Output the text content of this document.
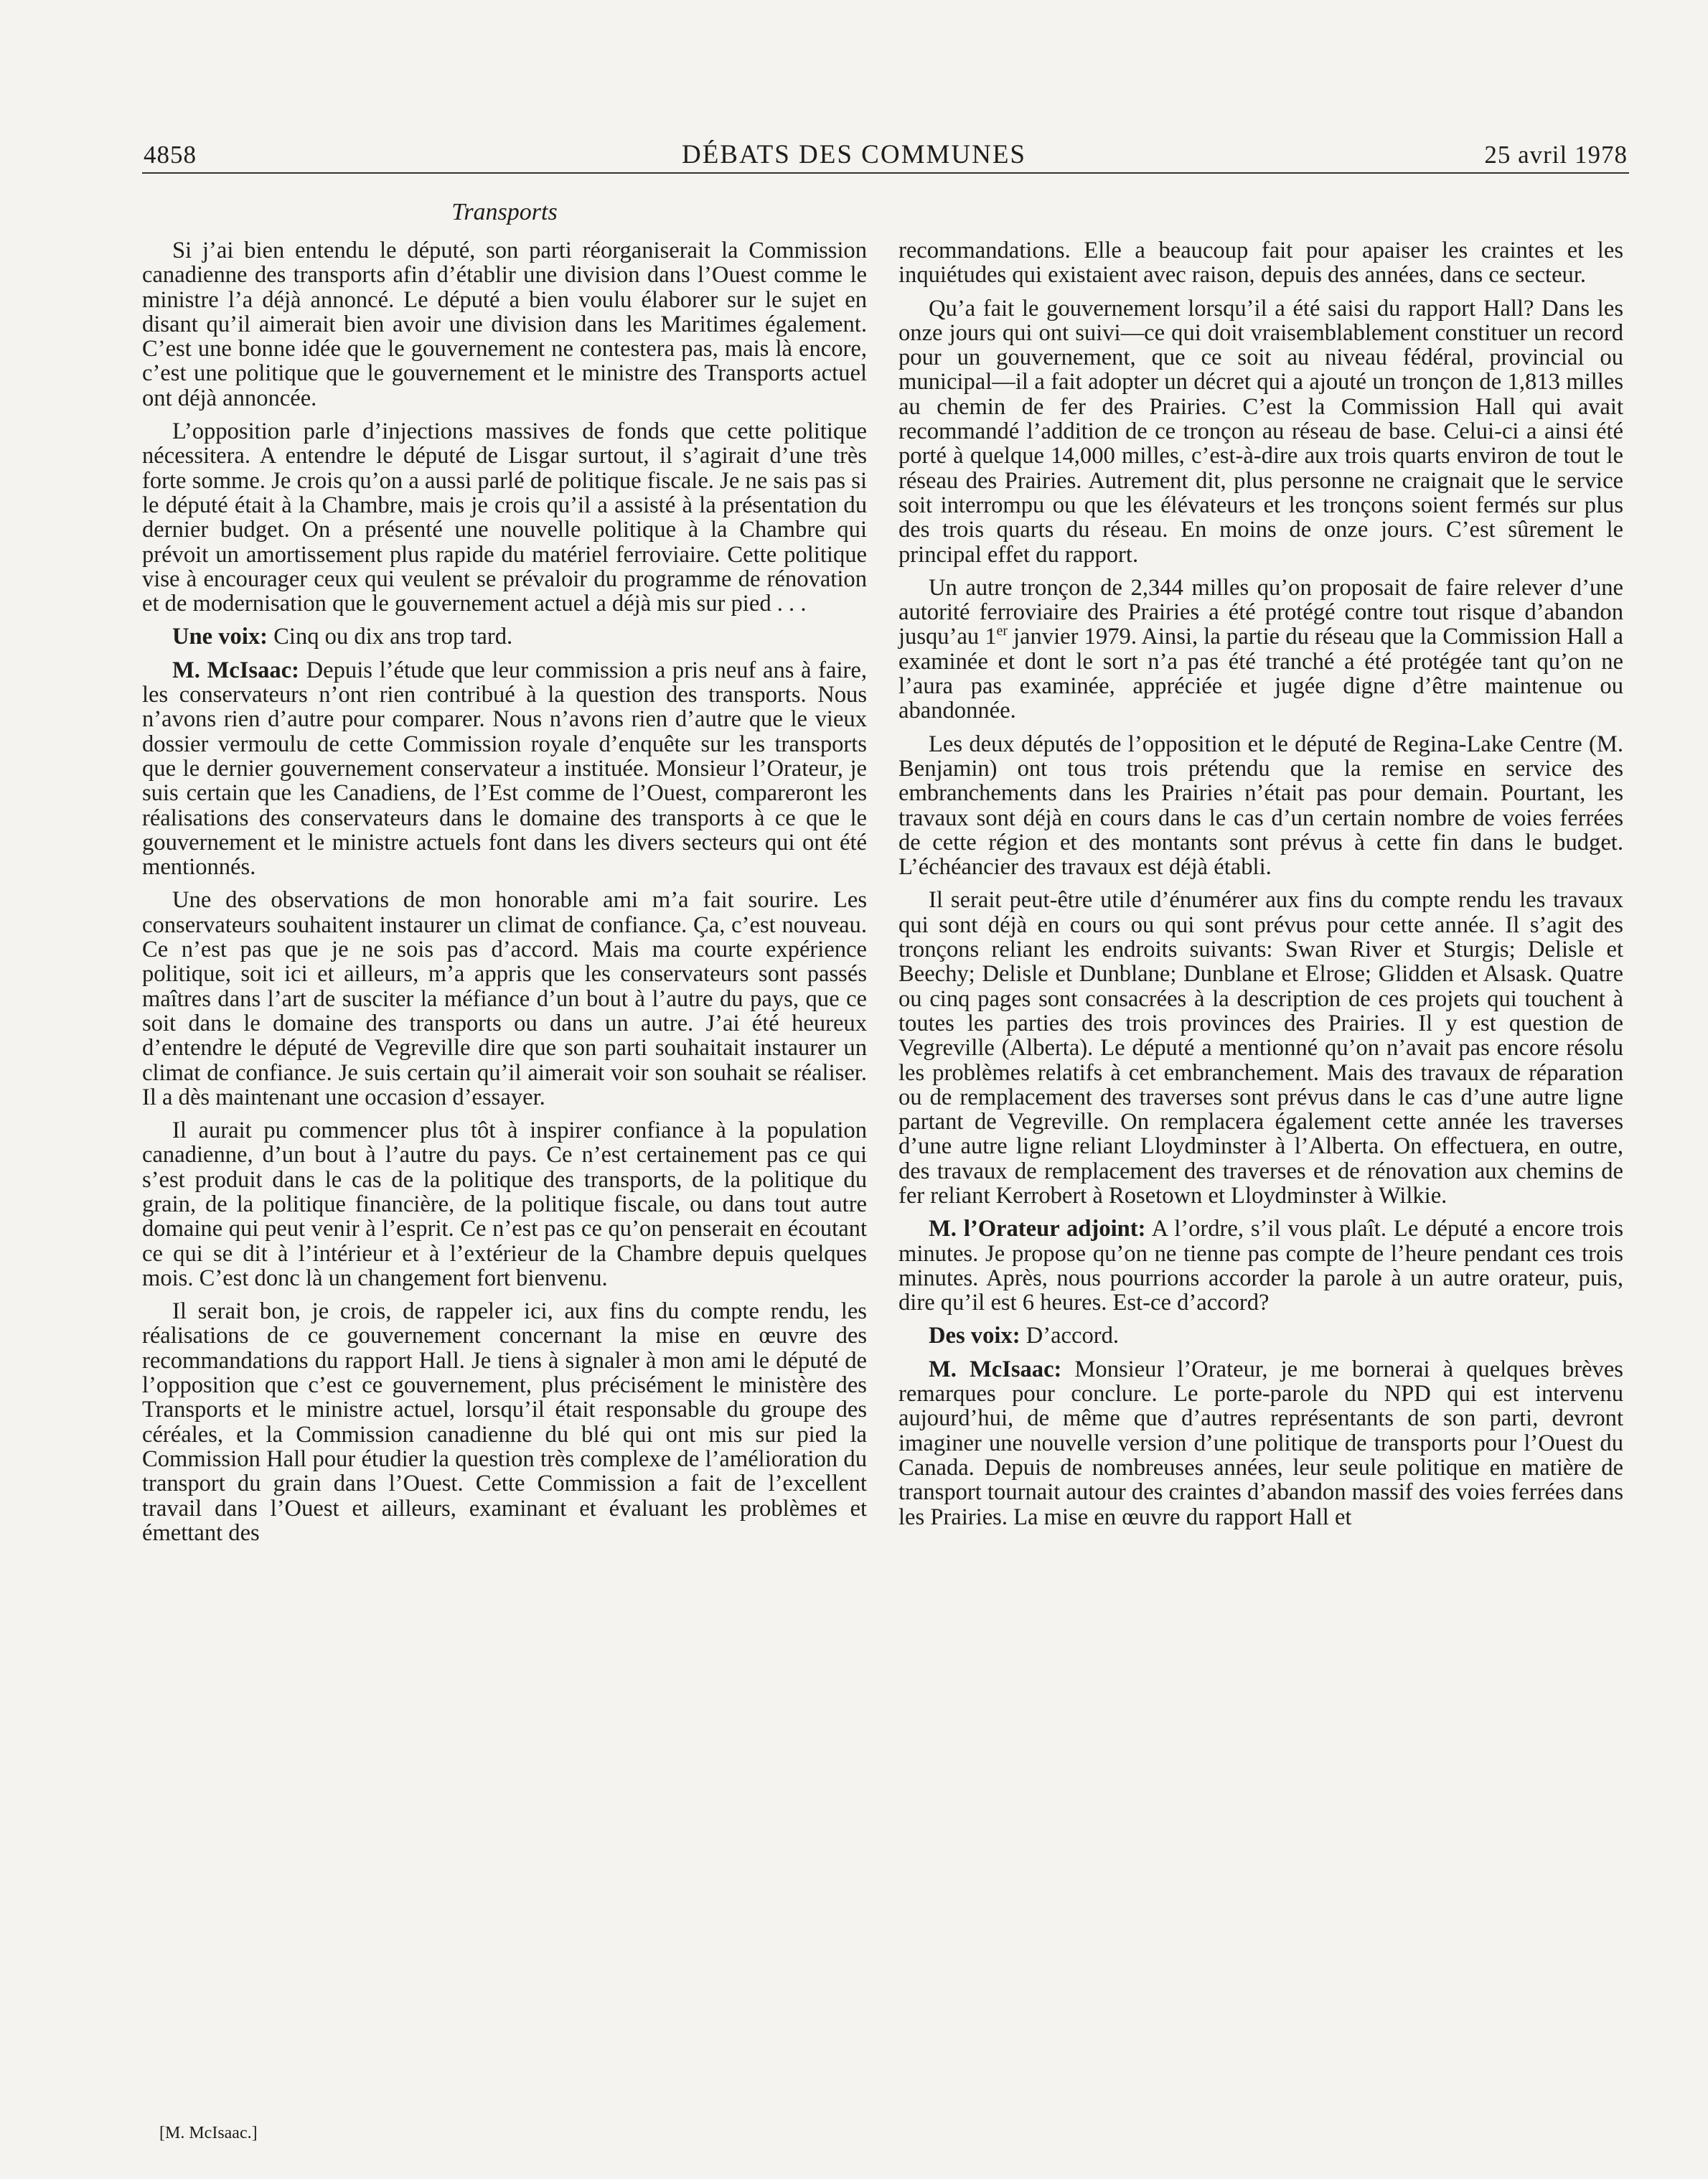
4858	DÉBATS DES COMMUNES	25 avril 1978
Transports

Si j’ai bien entendu le député, son parti réorganiserait la Commission canadienne des transports afin d’établir une division dans l’Ouest comme le ministre l’a déjà annoncé. Le député a bien voulu élaborer sur le sujet en disant qu’il aimerait bien avoir une division dans les Maritimes également. C’est une bonne idée que le gouvernement ne contestera pas, mais là encore, c’est une politique que le gouvernement et le ministre des Transports actuel ont déjà annoncée.

L’opposition parle d’injections massives de fonds que cette politique nécessitera. A entendre le député de Lisgar surtout, il s’agirait d’une très forte somme. Je crois qu’on a aussi parlé de politique fiscale. Je ne sais pas si le député était à la Chambre, mais je crois qu’il a assisté à la présentation du dernier budget. On a présenté une nouvelle politique à la Chambre qui prévoit un amortissement plus rapide du matériel ferroviaire. Cette politique vise à encourager ceux qui veulent se prévaloir du programme de rénovation et de modernisation que le gouvernement actuel a déjà mis sur pied . . .

Une voix: Cinq ou dix ans trop tard.

M. McIsaac: Depuis l’étude que leur commission a pris neuf ans à faire, les conservateurs n’ont rien contribué à la question des transports. Nous n’avons rien d’autre pour comparer. Nous n’avons rien d’autre que le vieux dossier vermoulu de cette Commission royale d’enquête sur les transports que le dernier gouvernement conservateur a instituée. Monsieur l’Orateur, je suis certain que les Canadiens, de l’Est comme de l’Ouest, compareront les réalisations des conservateurs dans le domaine des transports à ce que le gouvernement et le ministre actuels font dans les divers secteurs qui ont été mentionnés.

Une des observations de mon honorable ami m’a fait sourire. Les conservateurs souhaitent instaurer un climat de confiance. Ça, c’est nouveau. Ce n’est pas que je ne sois pas d’accord. Mais ma courte expérience politique, soit ici et ailleurs, m’a appris que les conservateurs sont passés maîtres dans l’art de susciter la méfiance d’un bout à l’autre du pays, que ce soit dans le domaine des transports ou dans un autre. J’ai été heureux d’entendre le député de Vegreville dire que son parti souhaitait instaurer un climat de confiance. Je suis certain qu’il aimerait voir son souhait se réaliser. Il a dès maintenant une occasion d’essayer.

Il aurait pu commencer plus tôt à inspirer confiance à la population canadienne, d’un bout à l’autre du pays. Ce n’est certainement pas ce qui s’est produit dans le cas de la politique des transports, de la politique du grain, de la politique financière, de la politique fiscale, ou dans tout autre domaine qui peut venir à l’esprit. Ce n’est pas ce qu’on penserait en écoutant ce qui se dit à l’intérieur et à l’extérieur de la Chambre depuis quelques mois. C’est donc là un changement fort bienvenu.

Il serait bon, je crois, de rappeler ici, aux fins du compte rendu, les réalisations de ce gouvernement concernant la mise en œuvre des recommandations du rapport Hall. Je tiens à signaler à mon ami le député de l’opposition que c’est ce gouvernement, plus précisément le ministère des Transports et le ministre actuel, lorsqu’il était responsable du groupe des céréales, et la Commission canadienne du blé qui ont mis sur pied la Commission Hall pour étudier la question très complexe de l’amélioration du transport du grain dans l’Ouest. Cette Commission a fait de l’excellent travail dans l’Ouest et ailleurs, examinant et évaluant les problèmes et émettant des

recommandations. Elle a beaucoup fait pour apaiser les craintes et les inquiétudes qui existaient avec raison, depuis des années, dans ce secteur.

Qu’a fait le gouvernement lorsqu’il a été saisi du rapport Hall? Dans les onze jours qui ont suivi—ce qui doit vraisemblablement constituer un record pour un gouvernement, que ce soit au niveau fédéral, provincial ou municipal—il a fait adopter un décret qui a ajouté un tronçon de 1,813 milles au chemin de fer des Prairies. C’est la Commission Hall qui avait recommandé l’addition de ce tronçon au réseau de base. Celui-ci a ainsi été porté à quelque 14,000 milles, c’est-à-dire aux trois quarts environ de tout le réseau des Prairies. Autrement dit, plus personne ne craignait que le service soit interrompu ou que les élévateurs et les tronçons soient fermés sur plus des trois quarts du réseau. En moins de onze jours. C’est sûrement le principal effet du rapport.

Un autre tronçon de 2,344 milles qu’on proposait de faire relever d’une autorité ferroviaire des Prairies a été protégé contre tout risque d’abandon jusqu’au 1er janvier 1979. Ainsi, la partie du réseau que la Commission Hall a examinée et dont le sort n’a pas été tranché a été protégée tant qu’on ne l’aura pas examinée, appréciée et jugée digne d’être maintenue ou abandonnée.

Les deux députés de l’opposition et le député de Regina-Lake Centre (M. Benjamin) ont tous trois prétendu que la remise en service des embranchements dans les Prairies n’était pas pour demain. Pourtant, les travaux sont déjà en cours dans le cas d’un certain nombre de voies ferrées de cette région et des montants sont prévus à cette fin dans le budget. L’échéancier des travaux est déjà établi.

Il serait peut-être utile d’énumérer aux fins du compte rendu les travaux qui sont déjà en cours ou qui sont prévus pour cette année. Il s’agit des tronçons reliant les endroits suivants: Swan River et Sturgis; Delisle et Beechy; Delisle et Dunblane; Dunblane et Elrose; Glidden et Alsask. Quatre ou cinq pages sont consacrées à la description de ces projets qui touchent à toutes les parties des trois provinces des Prairies. Il y est question de Vegreville (Alberta). Le député a mentionné qu’on n’avait pas encore résolu les problèmes relatifs à cet embranchement. Mais des travaux de réparation ou de remplacement des traverses sont prévus dans le cas d’une autre ligne partant de Vegreville. On remplacera également cette année les traverses d’une autre ligne reliant Lloydminster à l’Alberta. On effectuera, en outre, des travaux de remplacement des traverses et de rénovation aux chemins de fer reliant Kerrobert à Rosetown et Lloydminster à Wilkie.

M. l’Orateur adjoint: A l’ordre, s’il vous plaît. Le député a encore trois minutes. Je propose qu’on ne tienne pas compte de l’heure pendant ces trois minutes. Après, nous pourrions accorder la parole à un autre orateur, puis, dire qu’il est 6 heures. Est-ce d’accord?

Des voix: D’accord.

M. McIsaac: Monsieur l’Orateur, je me bornerai à quelques brèves remarques pour conclure. Le porte-parole du NPD qui est intervenu aujourd’hui, de même que d’autres représentants de son parti, devront imaginer une nouvelle version d’une politique de transports pour l’Ouest du Canada. Depuis de nombreuses années, leur seule politique en matière de transport tournait autour des craintes d’abandon massif des voies ferrées dans les Prairies. La mise en œuvre du rapport Hall et

[M. McIsaac.]
